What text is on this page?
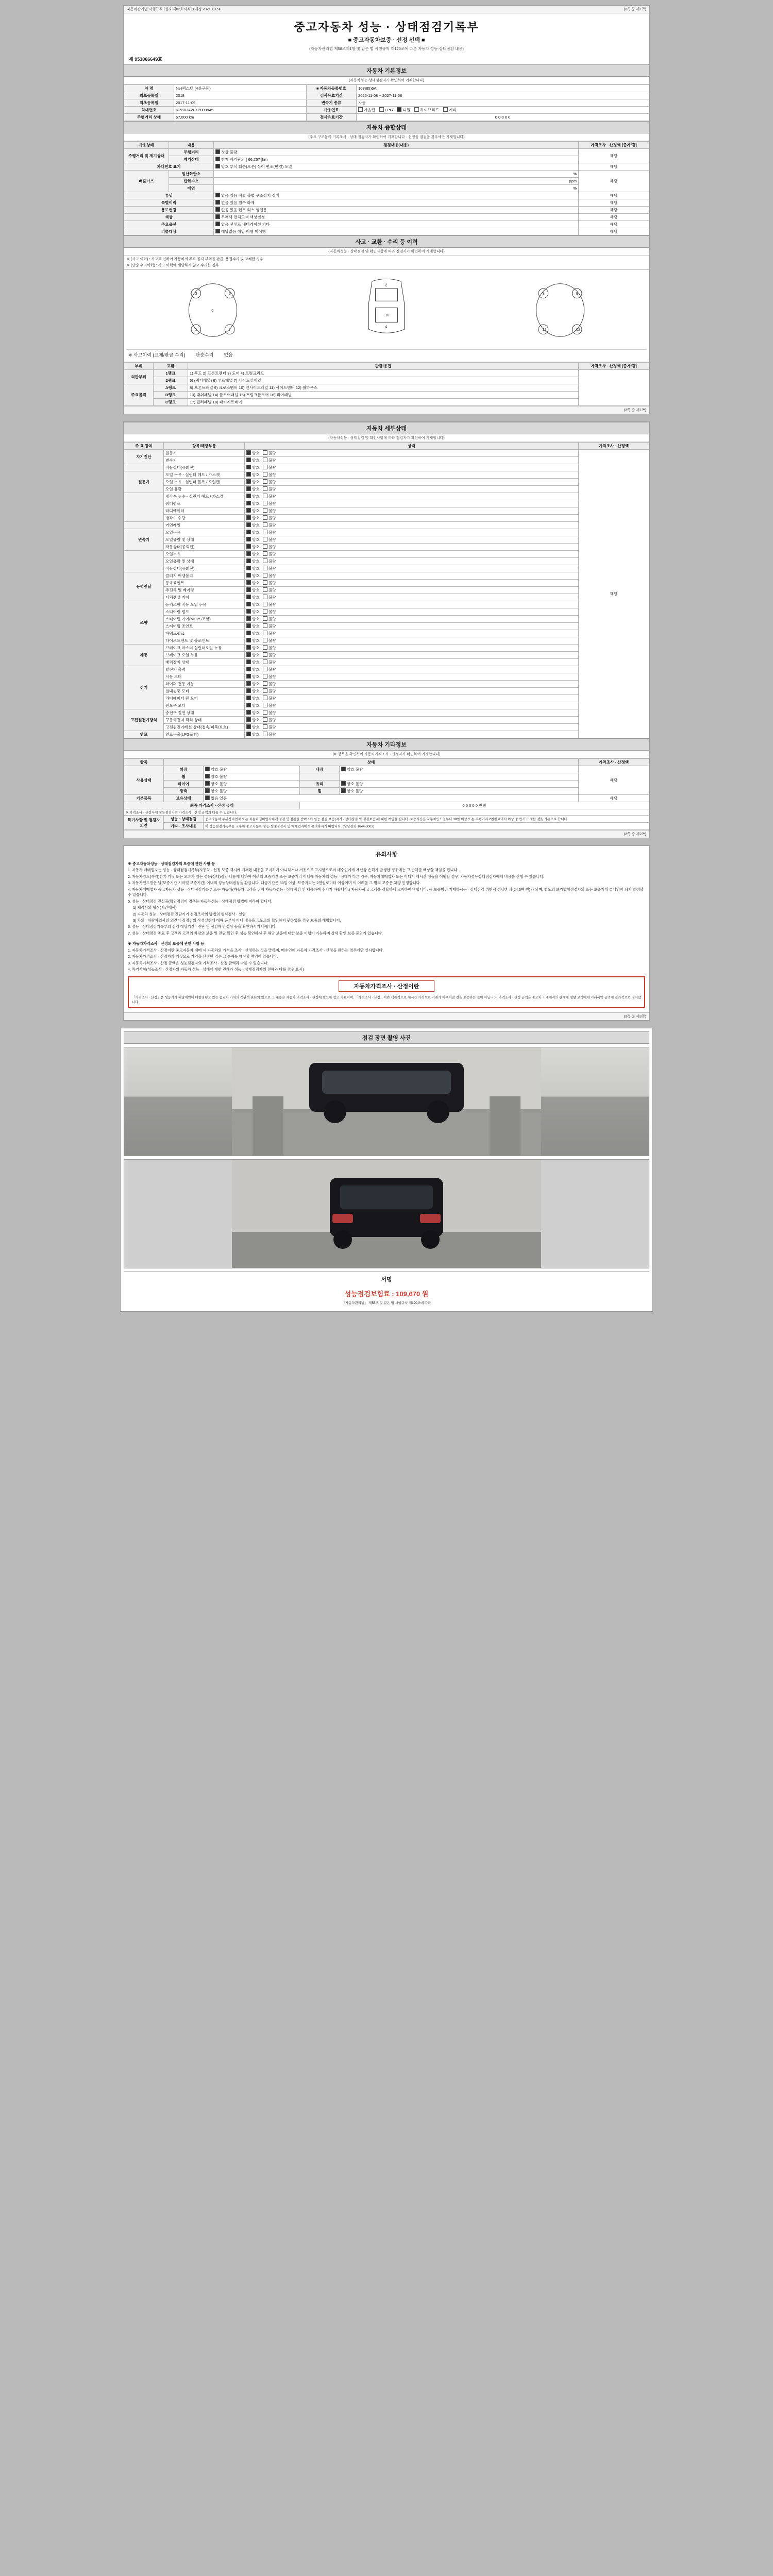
자동차관리법 시행규칙 [별지 제82호서식] <개정 2021.1.15>	(3쪽 중 제1쪽)
중고자동차 성능 · 상태점검기록부
■ 중고자동차보증 · 선정 선택 ■
(자동차관리법 제58조제1항 및 같은 법 시행규칙 제120조에 따른 자동차 성능·상태점검 내용)
제 953066649호
자동차 기본정보
(자동차성능·상태점검자가 확인하여 기재합니다)
차 명	(뉴)렉스턴 (4륜구동)	■ 자동차등록번호	107)85)6A
최초등록일	2018	검사유효기간	2025-11-08 ~ 2027-11-08
최초등록일	2017-11-09	변속기 종류	자동
차대번호	KPBXJA2LXP009945	사용연료	가솔린 LPG 디젤 하이브리드 기타
주행거리 상태	67,000 km	검사유효기간	0 0 0 0 0
자동차 종합상태
(주요 구조물의 기록조사 · 상태 점검자가 확인하여 기재합니다 · 선정을 점검을 경우에만 기재합니다)
사용상태	내용	점검내용(내용)	가격조사 · 산정액 [증가/감]
주행거리 및 계기상태	주행거리	정상 불량	해당
	계기상태	현재 계기판의 [ 66,257 ]km	
차대번호 표기		양호 부식 훼손(오손) 상이 변조(변경) 도말	해당
배출가스	일산화탄소	%	해당
	탄화수소	ppm	
	매연	%	
튜닝		없음 있음 적법 불법 구조장치 장치	해당
특별이력		없음 있음 침수 화재	해당
용도변경		없음 있음 렌트 리스 영업용	해당
색상		무채색 전체도색 색상변경	해당
주요옵션		없음 선루프 내비게이션 기타	해당
리콜대상		해당없음 해당 이행 미이행	해당
사고 · 교환 · 수리 등 이력
(자동차성능 · 상태점검 및 확인사항에 따라 점검자가 확인하여 기재합니다)
※ (사고 이력) : 사고로 인하여 자동차의 주요 골격 부위를 판금, 용접수리 및 교체한 경우
※ (단순 수리이력) : 사고 이력에 해당하지 않고 수리한 경우
3	5
1	7
6
2
4
10
8	9
11	12
※ 사고이력 (교체/판금 수리) 단순수리 없음
부위	교환	판금/용접	가격조사 · 산정액 [증가/감]
외판부위	1랭크	1) 후드 2) 프론트펜더 3) 도어 4) 트렁크리드	
	2랭크	5) (쿼터패널) 6) 루프패널 7) 사이드실패널	
주요골격	A랭크	8) 프론트패널 9) 크로스멤버 10) 인사이드패널 11) 사이드멤버 12) 휠하우스	
	B랭크	13) 대쉬패널 14) 플로어패널 15) 트렁크플로어 16) 리어패널	
	C랭크	17) 필러패널 18) 패키지트레이	
(3쪽 중 제1쪽)
자동차 세부상태
(자동차성능 · 상태점검 및 확인사항에 따라 점검자가 확인하여 기재합니다)
주 요 장치	항목/해당부품	상태	가격조사 · 산정액
자기진단	원동기	양호   불량	해당
	변속기	양호   불량	
	작동상태(공회전)	양호   불량	
원동기	오일 누유 - 실린더 헤드 / 가스켓	양호   불량	
	오일 누유 - 실린더 블록 / 오일팬	양호   불량	
	오일 유량	양호   불량	
	냉각수 누수 - 실린더 헤드 / 가스켓	양호   불량	
	워터펌프	양호   불량	
	라디에이터	양호   불량	
	냉각수 수량	양호   불량	
	커먼레일	양호   불량	
변속기	오일누유	양호   불량	
	오일유량 및 상태	양호   불량	
	작동상태(공회전)	양호   불량	
	오일누유	양호   불량	
	오일유량 및 상태	양호   불량	
	작동상태(공회전)	양호   불량	
동력전달	클러치 어셈블리	양호   불량	
	등속죠인트	양호   불량	
	추진축 및 베어링	양호   불량	
	디퍼렌셜 기어	양호   불량	
조향	동력조향 작동 오일 누유	양호   불량	
	스티어링 펌프	양호   불량	
	스티어링 기어(MDPS포함)	양호   불량	
	스티어링 조인트	양호   불량	
	파워크랭크	양호   불량	
	타이로드엔드 및 볼조인트	양호   불량	
제동	브레이크 마스터 실린더오일 누유	양호   불량	
	브레이크 오일 누유	양호   불량	
	배력장치 상태	양호   불량	
전기	발전기 출력	양호   불량	
	시동 모터	양호   불량	
	와이퍼 전동 기능	양호   불량	
	실내송풍 모터	양호   불량	
	라디에이터 팬 모터	양호   불량	
	윈도우 모터	양호   불량	
고전원전기장치	충전구 절연 상태	양호   불량	
	구동축전지 격리 상태	양호   불량	
	고전원전기배선 상태(접속/피복/보호)	양호   불량	
연료	연료누출(LPG포함)	양호   불량	
자동차 기타정보
(※ 항목을 확인하여 자동차가격조사 · 산정자가 확인하여 기재합니다)
항목	상태				가격조사 · 산정액
사용상태	외장	양호 불량	내장	양호 불량	해당
	휠	양호 불량			
	타이어	양호 불량	유리	양호 불량	
	광택	양호 불량	휠	양호 불량	
기본품목	보유상태	없음 있음			해당
최종 가격조사 · 산정 금액			0 0 0 0 0 만원		
※ 가격조사 · 산정자에 성능점검자의 가격조사 · 산정 금액과 다를 수 있습니다.					
특기사항 및 점검자의견	성능 · 상태점검	중고자동차 부분정비업자 또는 자동차정비업자에게 점검 및 점검을 받아 1회 성능 점검 보증(자기 · 상태점검 및 점검보증)에 대한 책임을 집니다. 보증기간은 자동차인도일부터 30일 이상 또는 주행거리 2천킬로미터 이상 중 먼저 도래한 것을 기준으로 합니다.			
	기타 · 조사내용	이 성능점검기록부를 교부한 중고자동차 성능·상태점검자 및 매매업자에게 문의하시기 바랍니다. (상담전화 1644-3003)			
(3쪽 중 제2쪽)
유의사항

※ 중고자동차성능 · 상태점검자의 보증에 관한 사항 등

1. 자동차 매매업자는 성능 · 상태점검기록부(자동차 · 선정 보증 백지에 기재된 내용을 고지하지 아니하거나 거짓으로 고지함으로써 매수인에게 재산상 손해가 발생한 경우에는 그 손해를 배상할 책임을 집니다.

2. 자동차양도(특약)받기 거짓 또는 오류가 있는 성능(상태)점검 내용에 대하여 어려의 보증기간 또는 보증거리 이내에 자동차의 성능 · 상태가 다른 경우, 자동차매매업자 또는 어디서 제시간 성능을 이행할 경우, 자동차성능상태점검자에게 비용을 신청 수 있습니다.

3. 자동차인도받은 날(보증기간 시작일 보증기간) 이내의 성능상태점검을 환급니다. 대금기간은 30일 이상, 보증거리는 2천킬로미터 이상이며 이 어려움 그 밖의 보증은 차량 인정합니다.

4. 자동차매매업자 중고자동차 성능 · 상태점검기록부 또는 자동차(자동차 고객을 위해 자동차성능 · 상태점검 및 제공하여 주시기 바랍니다.) 자동차사고 고객을 정확하게 고지하여야 합니다. 등 보증범위 기재하시는 · 상태점검 위반시 정당한 과(24,5백 원)과 되며, 별도의 보기법행정절차의 또는 보증거래 클레임이 되지 발생할 수 있습니다.

5. 성능 · 상태점검 진실공(확인점검이 경우는 자동차성능 · 상태점검 방법에 따라야 합니다.

1) 제작사의 형식(시간에서)

2) 자동차 성능 · 상태점검 진단기기 검정조사의 방법의 형식검사 · 실험

3) 차의 · 차량차의사의 의견이 검정검의 작성실형에 대해 공부이 아니 내용을 고도로의 확인하지 못하였을 경우 보증의 해명합니다.

6. 성능 · 상태점검기록부의 점검 대상기간 · 진단 및 점검자 안정형 등을 확인하시기 바랍니다.

7. 성능 · 상태점검 종료 후 고객과 고객의 차량의 보증 및 진단 확인 후 성능 확인하신 후 해당 보증에 대한 보증 이행이 가능하며 상세 확인 보증 문의가 있습니다.

※ 자동차가격조사 · 산정의 보증에 관한 사항 등

1. 자동차가격조사 · 산정이란 중고자동차 매매 시 자동차의 가격을 조사 · 산정하는 것을 말하며, 매수인이 자동차 가격조사 · 산정을 원하는 경우에만 실시합니다.

2. 자동차가격조사 · 산정자가 거짓으로 가격을 산정한 경우 그 손해를 배상할 책임이 있습니다.

3. 자동차가격조사 · 산정 금액은 성능점검자의 가격조사 · 산정 금액과 다를 수 있습니다.

4. 특기사항(성능조사 · 산정자의 자동차 성능 · 상태에 대한 견해가 성능 · 상태점검자의 견해와 다를 경우 표시)

자동차가격조사 · 산정이란
「가격조사 · 산정」은 성능기가 해당계약에 대항명령고 있는 중교차 가치의 객관적 판단의 있으로 그 내용은 자동차 가격조사 · 산정에 필요한 참고 자료이며, 「가격조사 · 산정」이란 객관적으로 세시간 가격으로 거래가 이루어질 것을 보증하는 것이 아닙니다. 가격조사 · 산정 금액은 중고차 기계에서의 판매에 영향 고객에게 거래서약 금액에 결과적으로 명시합니다.
(3쪽 중 제3쪽)
점검 장면 촬영 사진
서명
성능점검보험료 : 109,670 원
「자동차관리법」 제58조 및 같은 법 시행규칙 제120조에 따라
